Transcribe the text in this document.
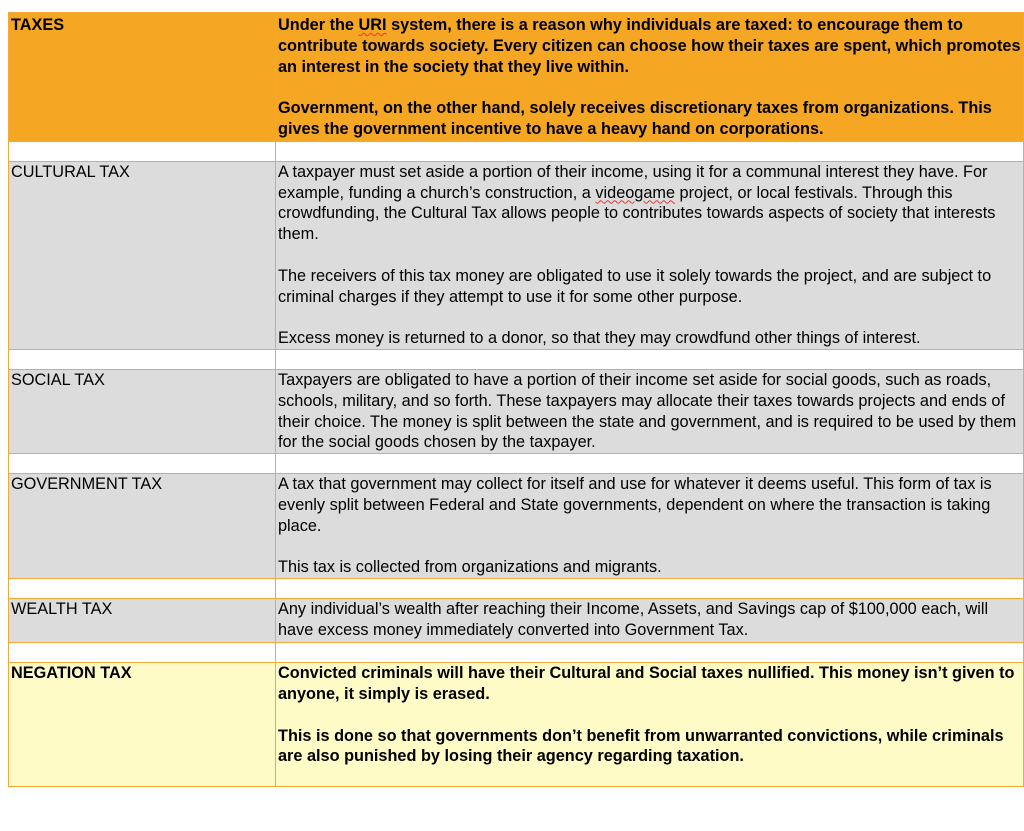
TAXES	Under the URI system, there is a reason why individuals are taxed: to encourage them to contribute towards society. Every citizen can choose how their taxes are spent, which promotes an interest in the society that they live within.

Government, on the other hand, solely receives discretionary taxes from organizations. This gives the government incentive to have a heavy hand on corporations.

CULTURAL TAX	A taxpayer must set aside a portion of their income, using it for a communal interest they have. For example, funding a church’s construction, a videogame project, or local festivals. Through this crowdfunding, the Cultural Tax allows people to contributes towards aspects of society that interests them.

The receivers of this tax money are obligated to use it solely towards the project, and are subject to criminal charges if they attempt to use it for some other purpose.

Excess money is returned to a donor, so that they may crowdfund other things of interest.

SOCIAL TAX	Taxpayers are obligated to have a portion of their income set aside for social goods, such as roads, schools, military, and so forth. These taxpayers may allocate their taxes towards projects and ends of their choice. The money is split between the state and government, and is required to be used by them for the social goods chosen by the taxpayer.

GOVERNMENT TAX	A tax that government may collect for itself and use for whatever it deems useful. This form of tax is evenly split between Federal and State governments, dependent on where the transaction is taking place.

This tax is collected from organizations and migrants.

WEALTH TAX	Any individual’s wealth after reaching their Income, Assets, and Savings cap of $100,000 each, will have excess money immediately converted into Government Tax.

NEGATION TAX	Convicted criminals will have their Cultural and Social taxes nullified. This money isn’t given to anyone, it simply is erased.

This is done so that governments don’t benefit from unwarranted convictions, while criminals are also punished by losing their agency regarding taxation.
